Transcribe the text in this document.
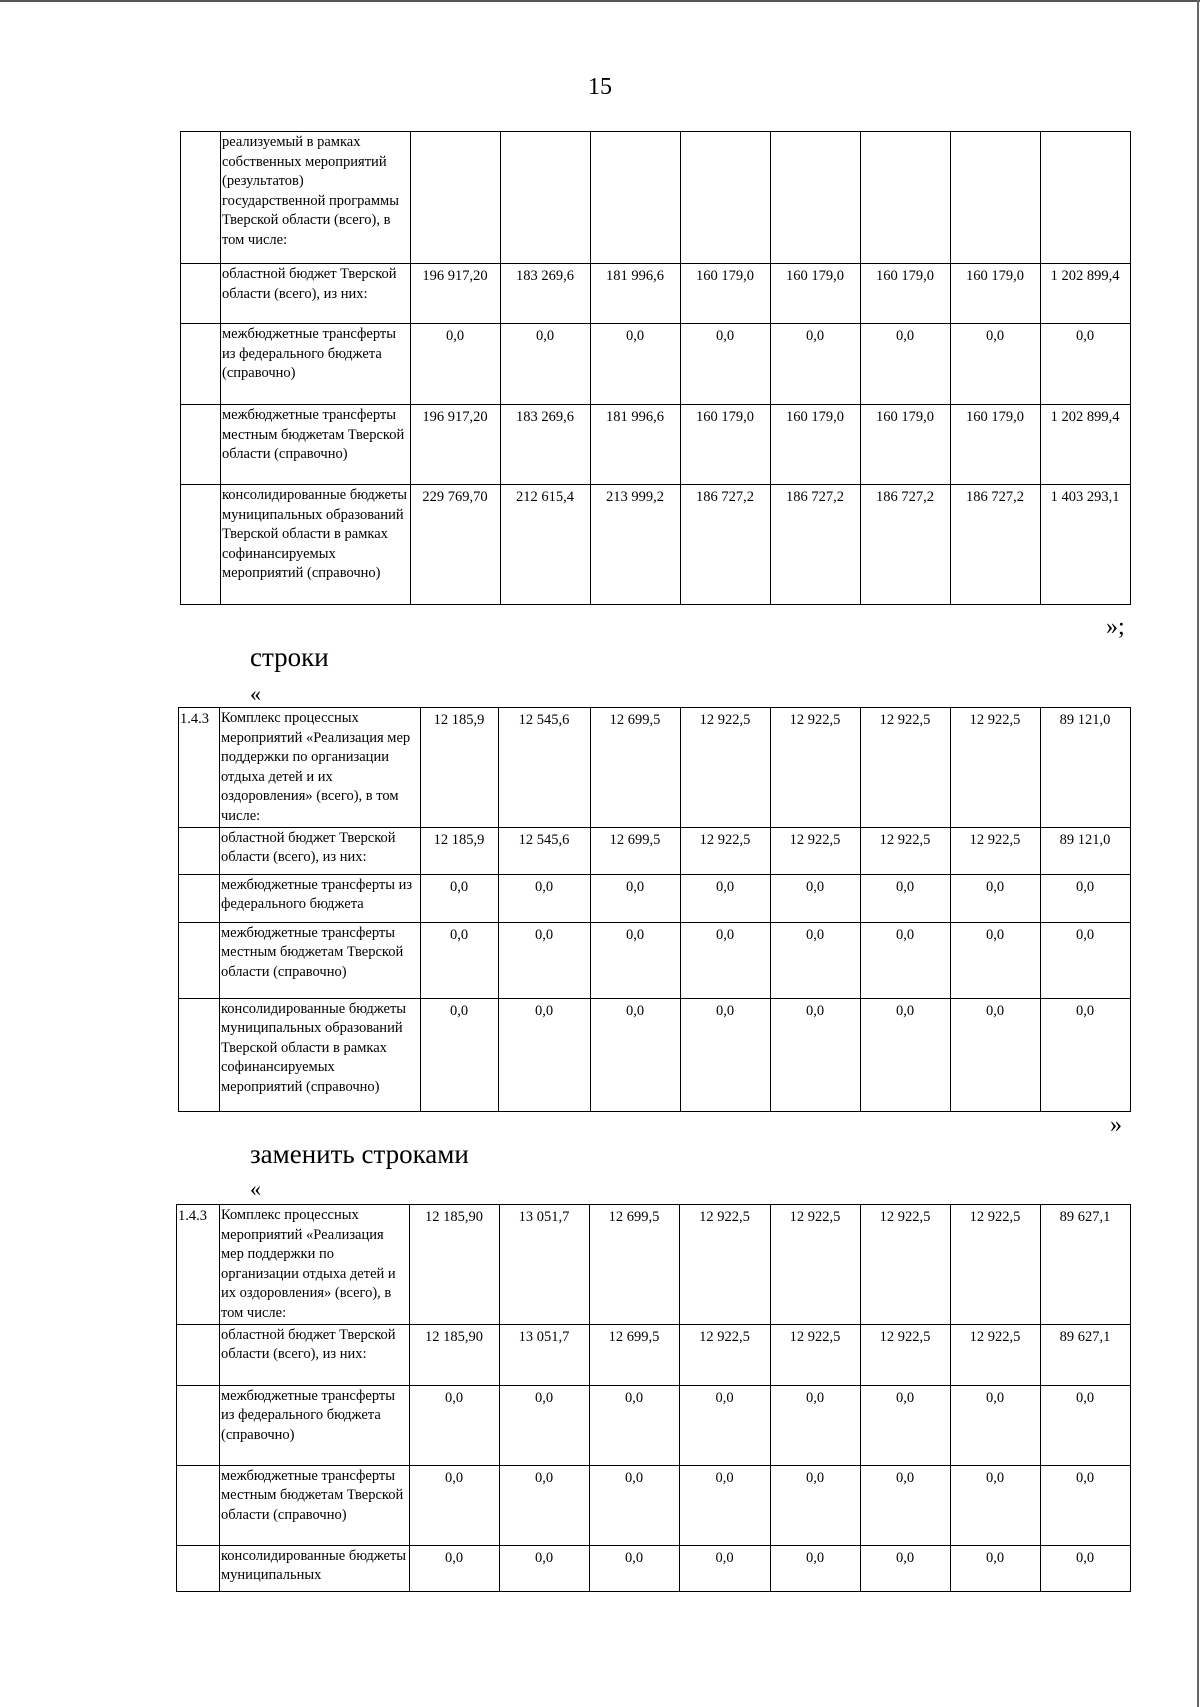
15
	реализуемый в рамках собственных мероприятий (результатов) государственной программы Тверской области (всего), в том числе:								
	областной бюджет Тверской области (всего), из них:	196 917,20	183 269,6	181 996,6	160 179,0	160 179,0	160 179,0	160 179,0	1 202 899,4
	межбюджетные трансферты из федерального бюджета (справочно)	0,0	0,0	0,0	0,0	0,0	0,0	0,0	0,0
	межбюджетные трансферты местным бюджетам Тверской области (справочно)	196 917,20	183 269,6	181 996,6	160 179,0	160 179,0	160 179,0	160 179,0	1 202 899,4
	консолидированные бюджеты муниципальных образований Тверской области в рамках софинансируемых мероприятий (справочно)	229 769,70	212 615,4	213 999,2	186 727,2	186 727,2	186 727,2	186 727,2	1 403 293,1
»;
строки
«
1.4.3	Комплекс процессных мероприятий «Реализация мер поддержки по организации отдыха детей и их оздоровления» (всего), в том числе:	12 185,9	12 545,6	12 699,5	12 922,5	12 922,5	12 922,5	12 922,5	89 121,0
	областной бюджет Тверской области (всего), из них:	12 185,9	12 545,6	12 699,5	12 922,5	12 922,5	12 922,5	12 922,5	89 121,0
	межбюджетные трансферты из федерального бюджета	0,0	0,0	0,0	0,0	0,0	0,0	0,0	0,0
	межбюджетные трансферты местным бюджетам Тверской области (справочно)	0,0	0,0	0,0	0,0	0,0	0,0	0,0	0,0
	консолидированные бюджеты муниципальных образований Тверской области в рамках софинансируемых мероприятий (справочно)	0,0	0,0	0,0	0,0	0,0	0,0	0,0	0,0
»
заменить строками
«
1.4.3	Комплекс процессных мероприятий «Реализация мер поддержки по организации отдыха детей и их оздоровления» (всего), в том числе:	12 185,90	13 051,7	12 699,5	12 922,5	12 922,5	12 922,5	12 922,5	89 627,1
	областной бюджет Тверской области (всего), из них:	12 185,90	13 051,7	12 699,5	12 922,5	12 922,5	12 922,5	12 922,5	89 627,1
	межбюджетные трансферты из федерального бюджета (справочно)	0,0	0,0	0,0	0,0	0,0	0,0	0,0	0,0
	межбюджетные трансферты местным бюджетам Тверской области (справочно)	0,0	0,0	0,0	0,0	0,0	0,0	0,0	0,0
	консолидированные бюджеты муниципальных	0,0	0,0	0,0	0,0	0,0	0,0	0,0	0,0
